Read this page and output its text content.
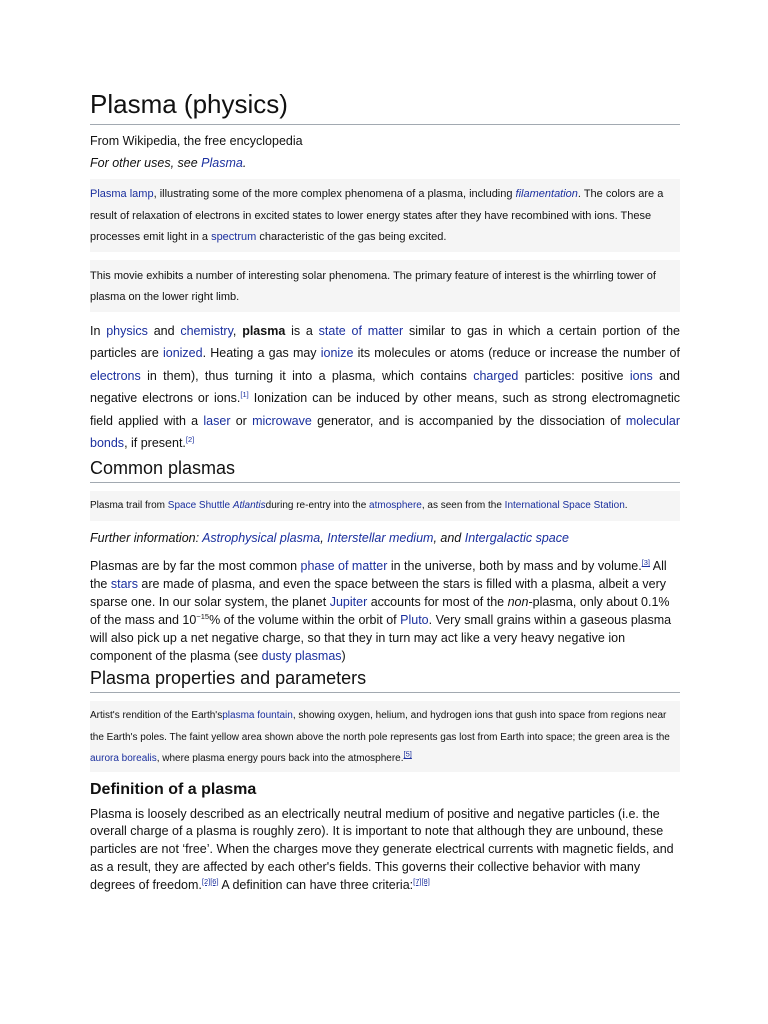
Plasma (physics)
From Wikipedia, the free encyclopedia
For other uses, see Plasma.
Plasma lamp, illustrating some of the more complex phenomena of a plasma, including filamentation. The colors are a result of relaxation of electrons in excited states to lower energy states after they have recombined with ions. These processes emit light in a spectrum characteristic of the gas being excited.
This movie exhibits a number of interesting solar phenomena. The primary feature of interest is the whirrling tower of plasma on the lower right limb.

In physics and chemistry, plasma is a state of matter similar to gas in which a certain portion of the particles are ionized. Heating a gas may ionize its molecules or atoms (reduce or increase the number of electrons in them), thus turning it into a plasma, which contains charged particles: positive ions and negative electrons or ions.[1] Ionization can be induced by other means, such as strong electromagnetic field applied with a laser or microwave generator, and is accompanied by the dissociation of molecular bonds, if present.[2]

Common plasmas
Plasma trail from Space Shuttle Atlantisduring re-entry into the atmosphere, as seen from the International Space Station.
Further information: Astrophysical plasma, Interstellar medium, and Intergalactic space

Plasmas are by far the most common phase of matter in the universe, both by mass and by volume.[3] All the stars are made of plasma, and even the space between the stars is filled with a plasma, albeit a very sparse one. In our solar system, the planet Jupiter accounts for most of the non-plasma, only about 0.1% of the mass and $10^{-15}\%$ of the volume within the orbit of Pluto. Very small grains within a gaseous plasma will also pick up a net negative charge, so that they in turn may act like a very heavy negative ion component of the plasma (see dusty plasmas)

Plasma properties and parameters
Artist's rendition of the Earth'splasma fountain, showing oxygen, helium, and hydrogen ions that gush into space from regions near the Earth's poles. The faint yellow area shown above the north pole represents gas lost from Earth into space; the green area is the aurora borealis, where plasma energy pours back into the atmosphere.[5]
Definition of a plasma

Plasma is loosely described as an electrically neutral medium of positive and negative particles (i.e. the overall charge of a plasma is roughly zero). It is important to note that although they are unbound, these particles are not ‘free’. When the charges move they generate electrical currents with magnetic fields, and as a result, they are affected by each other's fields. This governs their collective behavior with many degrees of freedom.[2][6] A definition can have three criteria:[7][8]
